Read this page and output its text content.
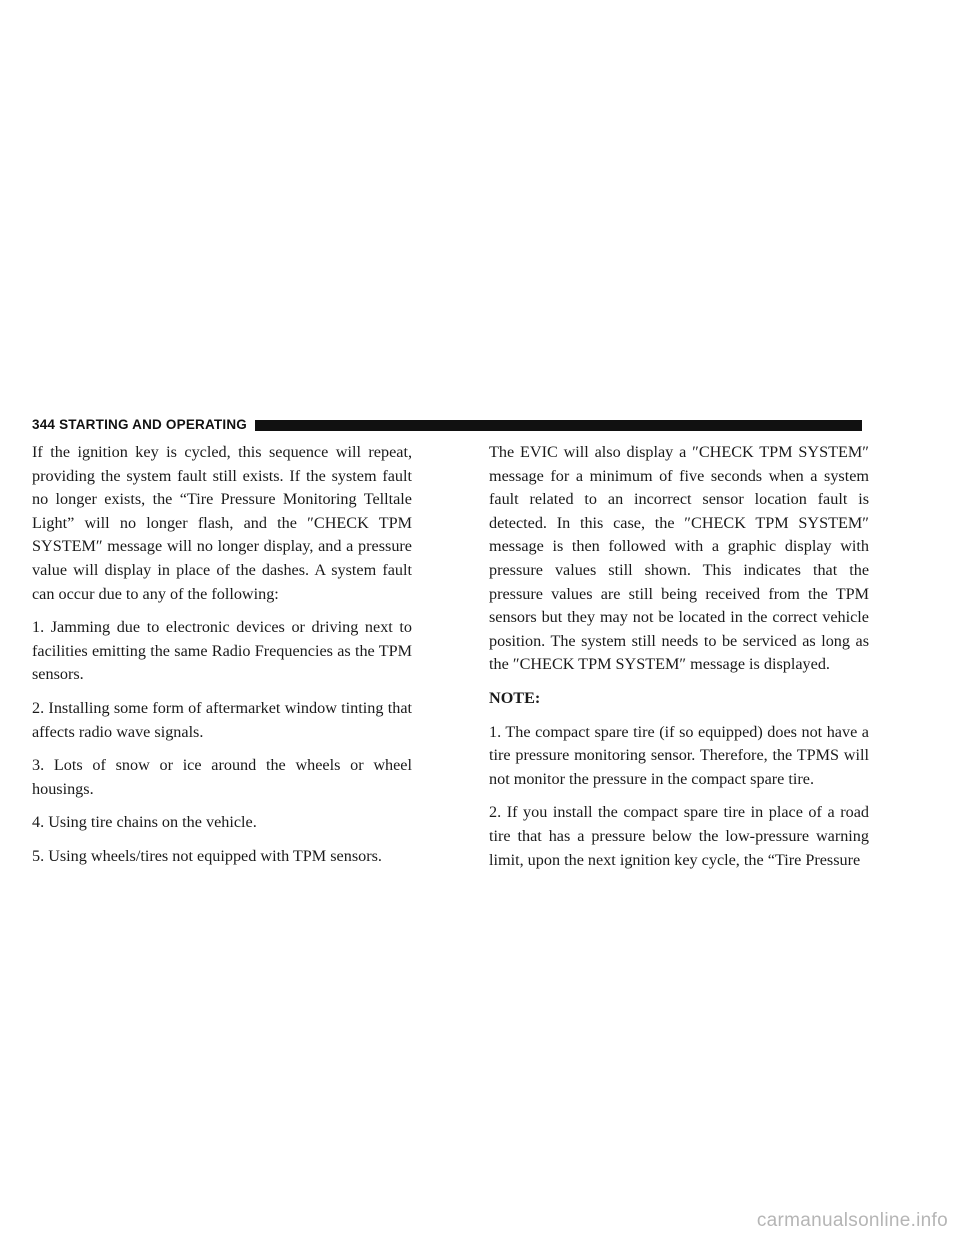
344 STARTING AND OPERATING

If the ignition key is cycled, this sequence will repeat, providing the system fault still exists. If the system fault no longer exists, the “Tire Pressure Monitoring Telltale Light” will no longer flash, and the ″CHECK TPM SYSTEM″ message will no longer display, and a pressure value will display in place of the dashes. A system fault can occur due to any of the following:

1. Jamming due to electronic devices or driving next to facilities emitting the same Radio Frequencies as the TPM sensors.

2. Installing some form of aftermarket window tinting that affects radio wave signals.

3. Lots of snow or ice around the wheels or wheel housings.

4. Using tire chains on the vehicle.

5. Using wheels/tires not equipped with TPM sensors.

The EVIC will also display a ″CHECK TPM SYSTEM″ message for a minimum of five seconds when a system fault related to an incorrect sensor location fault is detected. In this case, the ″CHECK TPM SYSTEM″ message is then followed with a graphic display with pressure values still shown. This indicates that the pressure values are still being received from the TPM sensors but they may not be located in the correct vehicle position. The system still needs to be serviced as long as the ″CHECK TPM SYSTEM″ message is displayed.

NOTE:

1. The compact spare tire (if so equipped) does not have a tire pressure monitoring sensor. Therefore, the TPMS will not monitor the pressure in the compact spare tire.

2. If you install the compact spare tire in place of a road tire that has a pressure below the low-pressure warning limit, upon the next ignition key cycle, the “Tire Pressure

carmanualsonline.info
